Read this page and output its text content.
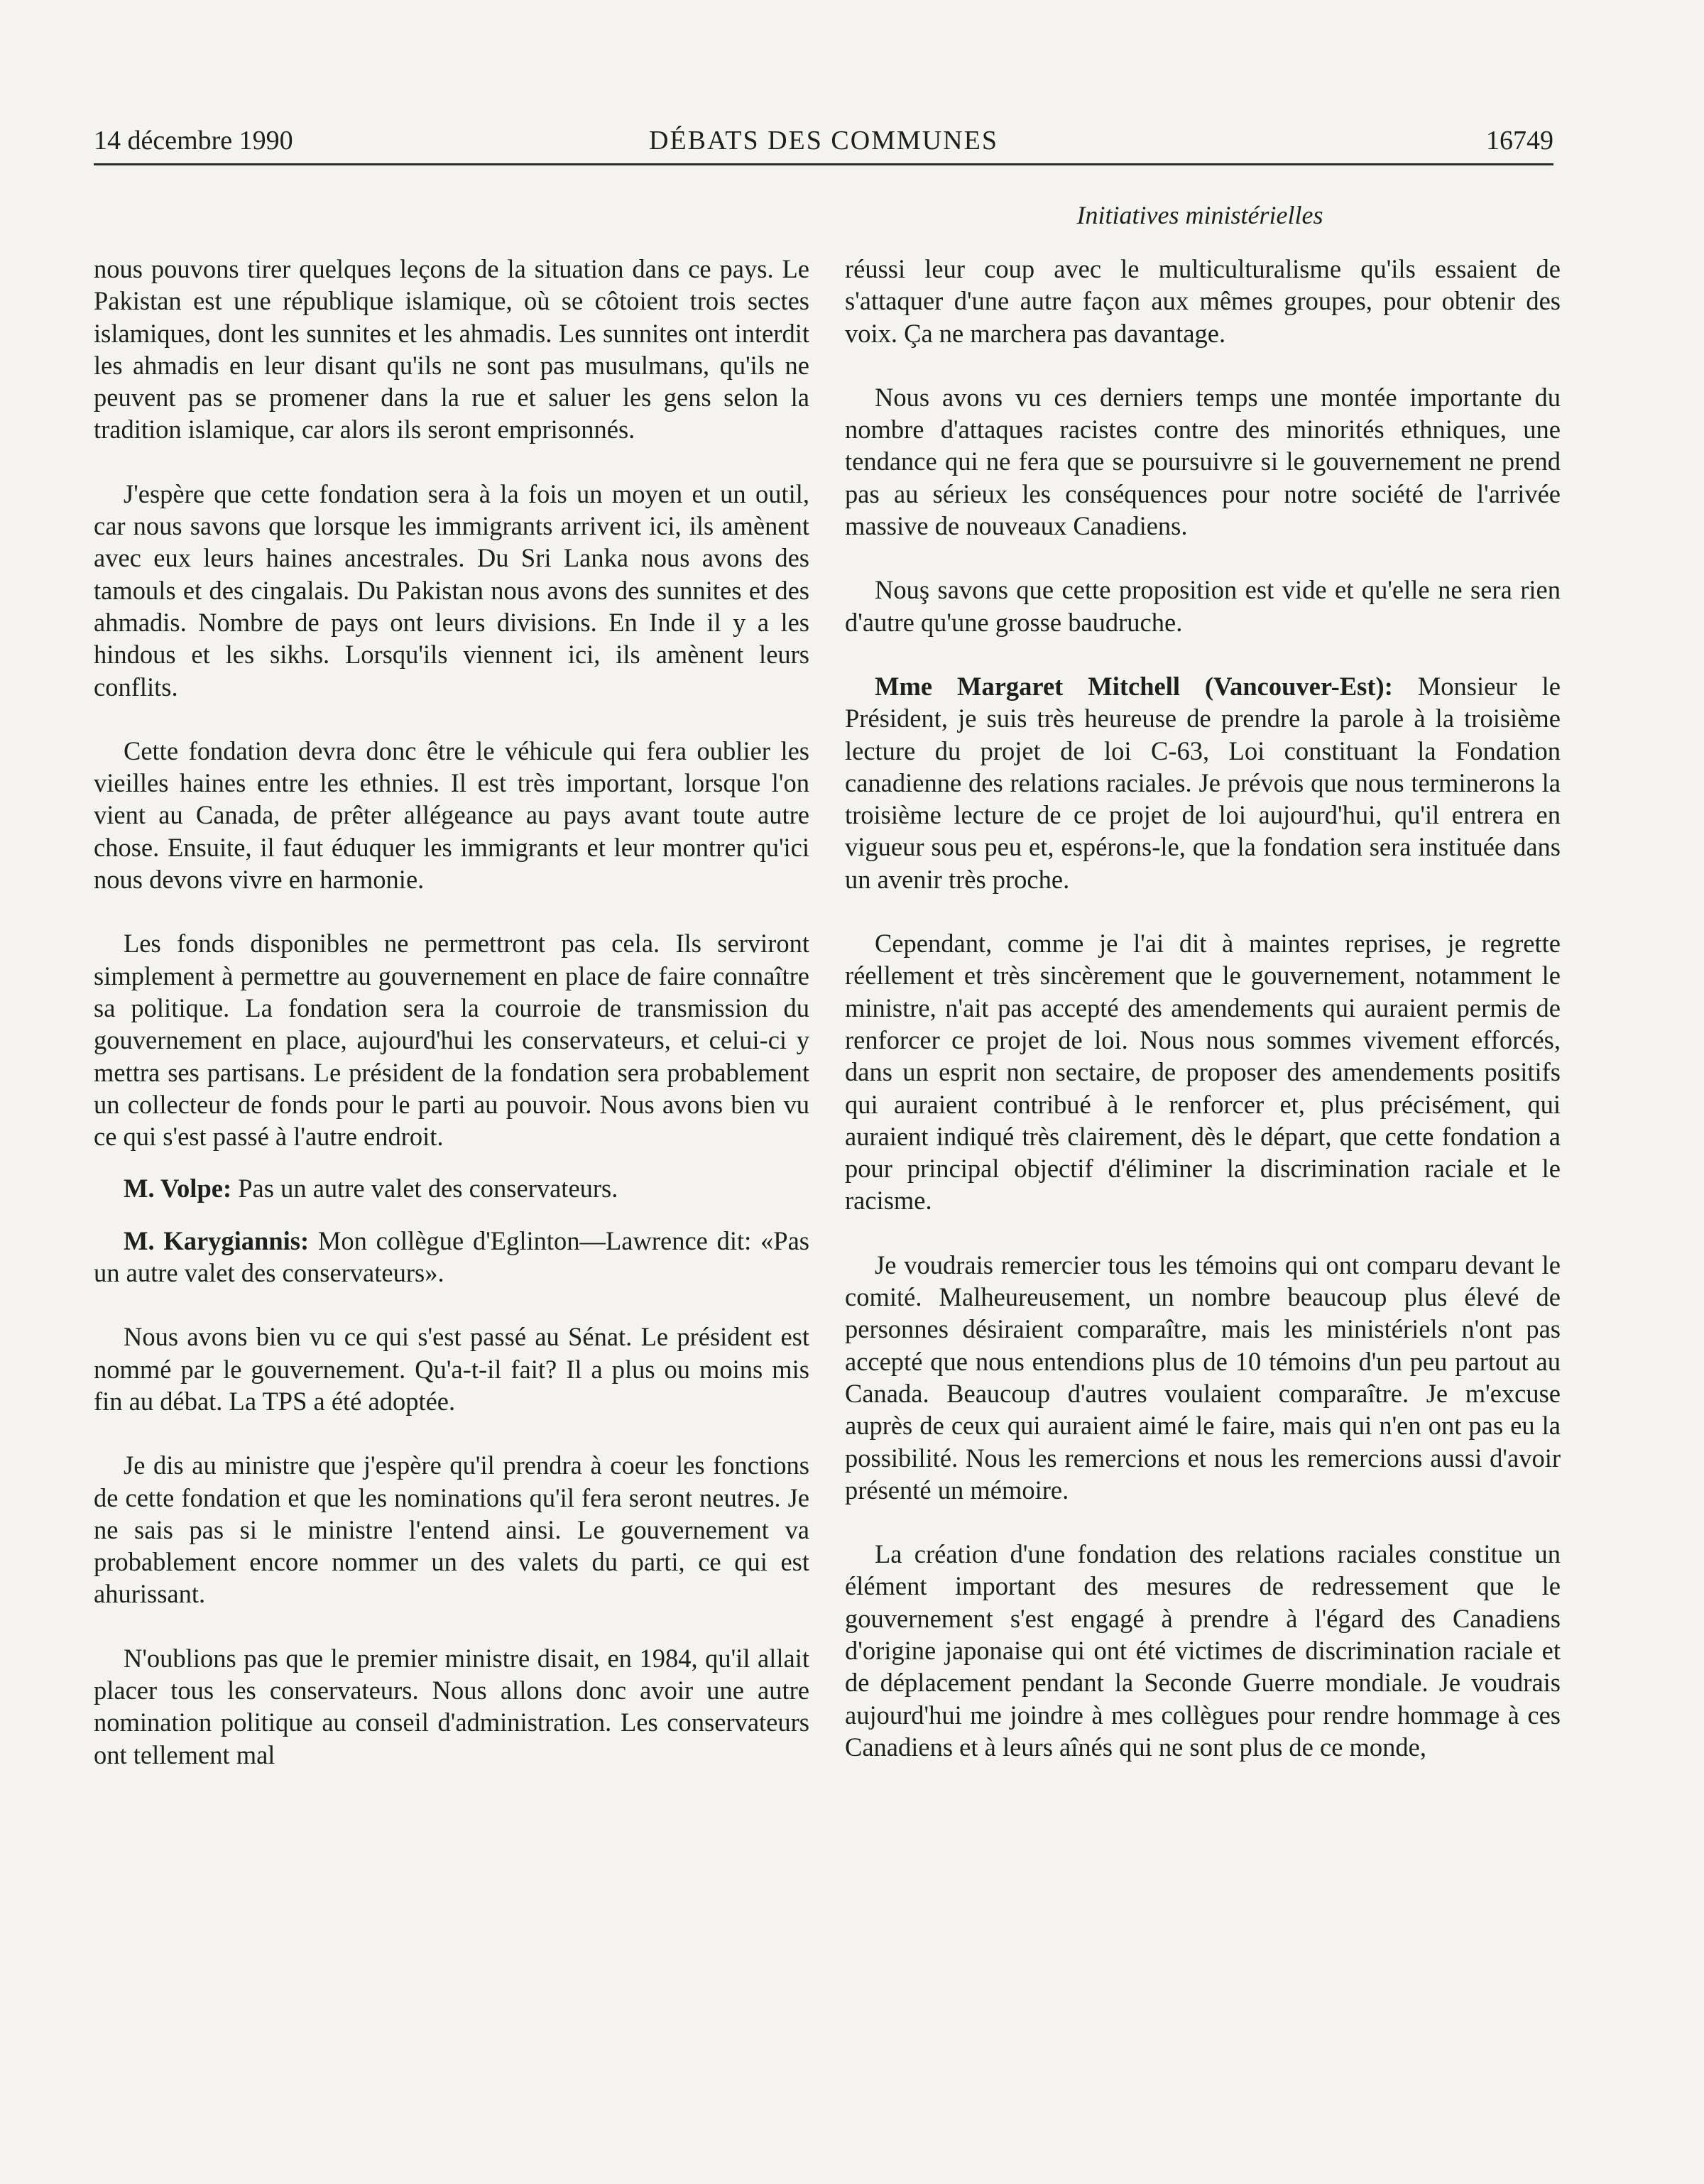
14 décembre 1990	DÉBATS DES COMMUNES	16749
Initiatives ministérielles

nous pouvons tirer quelques leçons de la situation dans ce pays. Le Pakistan est une république islamique, où se côtoient trois sectes islamiques, dont les sunnites et les ahmadis. Les sunnites ont interdit les ahmadis en leur disant qu'ils ne sont pas musulmans, qu'ils ne peuvent pas se promener dans la rue et saluer les gens selon la tradition islamique, car alors ils seront emprisonnés.

J'espère que cette fondation sera à la fois un moyen et un outil, car nous savons que lorsque les immigrants arrivent ici, ils amènent avec eux leurs haines ancestrales. Du Sri Lanka nous avons des tamouls et des cingalais. Du Pakistan nous avons des sunnites et des ahmadis. Nombre de pays ont leurs divisions. En Inde il y a les hindous et les sikhs. Lorsqu'ils viennent ici, ils amènent leurs conflits.

Cette fondation devra donc être le véhicule qui fera oublier les vieilles haines entre les ethnies. Il est très important, lorsque l'on vient au Canada, de prêter allégeance au pays avant toute autre chose. Ensuite, il faut éduquer les immigrants et leur montrer qu'ici nous devons vivre en harmonie.

Les fonds disponibles ne permettront pas cela. Ils serviront simplement à permettre au gouvernement en place de faire connaître sa politique. La fondation sera la courroie de transmission du gouvernement en place, aujourd'hui les conservateurs, et celui-ci y mettra ses partisans. Le président de la fondation sera probablement un collecteur de fonds pour le parti au pouvoir. Nous avons bien vu ce qui s'est passé à l'autre endroit.

M. Volpe: Pas un autre valet des conservateurs.

M. Karygiannis: Mon collègue d'Eglinton—Lawrence dit: «Pas un autre valet des conservateurs».

Nous avons bien vu ce qui s'est passé au Sénat. Le président est nommé par le gouvernement. Qu'a-t-il fait? Il a plus ou moins mis fin au débat. La TPS a été adoptée.

Je dis au ministre que j'espère qu'il prendra à coeur les fonctions de cette fondation et que les nominations qu'il fera seront neutres. Je ne sais pas si le ministre l'entend ainsi. Le gouvernement va probablement encore nommer un des valets du parti, ce qui est ahurissant.

N'oublions pas que le premier ministre disait, en 1984, qu'il allait placer tous les conservateurs. Nous allons donc avoir une autre nomination politique au conseil d'administration. Les conservateurs ont tellement mal

réussi leur coup avec le multiculturalisme qu'ils essaient de s'attaquer d'une autre façon aux mêmes groupes, pour obtenir des voix. Ça ne marchera pas davantage.

Nous avons vu ces derniers temps une montée importante du nombre d'attaques racistes contre des minorités ethniques, une tendance qui ne fera que se poursuivre si le gouvernement ne prend pas au sérieux les conséquences pour notre société de l'arrivée massive de nouveaux Canadiens.

Nouş savons que cette proposition est vide et qu'elle ne sera rien d'autre qu'une grosse baudruche.

Mme Margaret Mitchell (Vancouver-Est): Monsieur le Président, je suis très heureuse de prendre la parole à la troisième lecture du projet de loi C-63, Loi constituant la Fondation canadienne des relations raciales. Je prévois que nous terminerons la troisième lecture de ce projet de loi aujourd'hui, qu'il entrera en vigueur sous peu et, espérons-le, que la fondation sera instituée dans un avenir très proche.

Cependant, comme je l'ai dit à maintes reprises, je regrette réellement et très sincèrement que le gouvernement, notamment le ministre, n'ait pas accepté des amendements qui auraient permis de renforcer ce projet de loi. Nous nous sommes vivement efforcés, dans un esprit non sectaire, de proposer des amendements positifs qui auraient contribué à le renforcer et, plus précisément, qui auraient indiqué très clairement, dès le départ, que cette fondation a pour principal objectif d'éliminer la discrimination raciale et le racisme.

Je voudrais remercier tous les témoins qui ont comparu devant le comité. Malheureusement, un nombre beaucoup plus élevé de personnes désiraient comparaître, mais les ministériels n'ont pas accepté que nous entendions plus de 10 témoins d'un peu partout au Canada. Beaucoup d'autres voulaient comparaître. Je m'excuse auprès de ceux qui auraient aimé le faire, mais qui n'en ont pas eu la possibilité. Nous les remercions et nous les remercions aussi d'avoir présenté un mémoire.

La création d'une fondation des relations raciales constitue un élément important des mesures de redressement que le gouvernement s'est engagé à prendre à l'égard des Canadiens d'origine japonaise qui ont été victimes de discrimination raciale et de déplacement pendant la Seconde Guerre mondiale. Je voudrais aujourd'hui me joindre à mes collègues pour rendre hommage à ces Canadiens et à leurs aînés qui ne sont plus de ce monde,
